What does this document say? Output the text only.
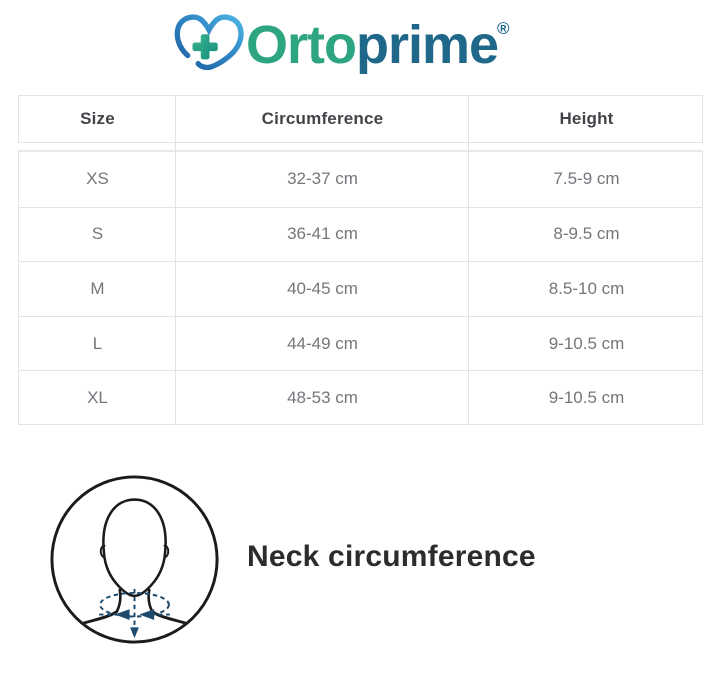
Orto prime
®
Size	Circumference	Height
XS	32-37 cm	7.5-9 cm
S	36-41 cm	8-9.5 cm
M	40-45 cm	8.5-10 cm
L	44-49 cm	9-10.5 cm
XL	48-53 cm	9-10.5 cm
Neck circumference
